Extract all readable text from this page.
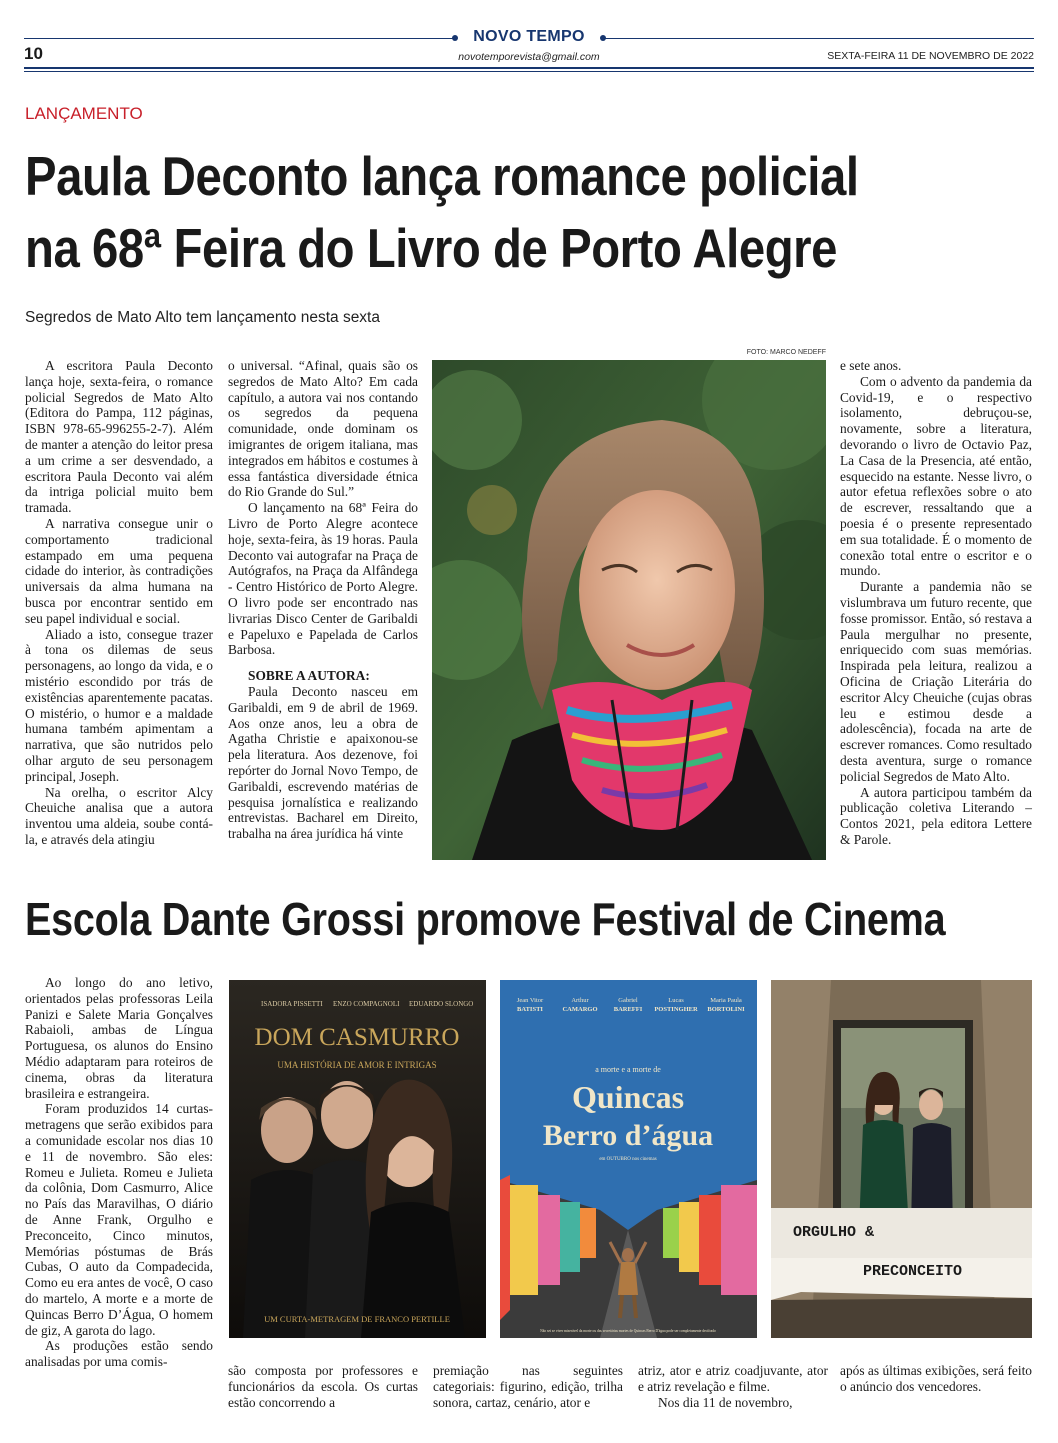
NOVO TEMPO
10	novotemporevista@gmail.com	SEXTA-FEIRA 11 DE NOVEMBRO DE 2022
LANÇAMENTO
Paula Deconto lança romance policial
na 68ª Feira do Livro de Porto Alegre
Segredos de Mato Alto tem lançamento nesta sexta

A escritora Paula Deconto lança hoje, sexta-feira, o romance policial Segredos de Mato Alto (Editora do Pampa, 112 páginas, ISBN 978-65-996255-2-7). Além de manter a atenção do leitor presa a um crime a ser desvendado, a escritora Paula Deconto vai além da intriga policial muito bem tramada.

A narrativa consegue unir o comportamento tradicional estampado em uma pequena cidade do interior, às contradições universais da alma humana na busca por encontrar sentido em seu papel individual e social.

Aliado a isto, consegue trazer à tona os dilemas de seus personagens, ao longo da vida, e o mistério escondido por trás de existências aparentemente pacatas. O mistério, o humor e a maldade humana também apimentam a narrativa, que são nutridos pelo olhar arguto de seu personagem principal, Joseph.

Na orelha, o escritor Alcy Cheuiche analisa que a autora inventou uma aldeia, soube contá-la, e através dela atingiu

o universal. “Afinal, quais são os segredos de Mato Alto? Em cada capítulo, a autora vai nos contando os segredos da pequena comunidade, onde dominam os imigrantes de origem italiana, mas integrados em hábitos e costumes à essa fantástica diversidade étnica do Rio Grande do Sul.”

O lançamento na 68ª Feira do Livro de Porto Alegre acontece hoje, sexta-feira, às 19 horas. Paula Deconto vai autografar na Praça de Autógrafos, na Praça da Alfândega - Centro Histórico de Porto Alegre. O livro pode ser encontrado nas livrarias Disco Center de Garibaldi e Papeluxo e Papelada de Carlos Barbosa.

SOBRE A AUTORA:

Paula Deconto nasceu em Garibaldi, em 9 de abril de 1969. Aos onze anos, leu a obra de Agatha Christie e apaixonou-se pela literatura. Aos dezenove, foi repórter do Jornal Novo Tempo, de Garibaldi, escrevendo matérias de pesquisa jornalística e realizando entrevistas. Bacharel em Direito, trabalha na área jurídica há vinte

FOTO: MARCO NEDEFF

e sete anos.

Com o advento da pandemia da Covid-19, e o respectivo isolamento, debruçou-se, novamente, sobre a literatura, devorando o livro de Octavio Paz, La Casa de la Presencia, até então, esquecido na estante. Nesse livro, o autor efetua reflexões sobre o ato de escrever, ressaltando que a poesia é o presente representado em sua totalidade. É o momento de conexão total entre o escritor e o mundo.

Durante a pandemia não se vislumbrava um futuro recente, que fosse promissor. Então, só restava a Paula mergulhar no presente, enriquecido com suas memórias. Inspirada pela leitura, realizou a Oficina de Criação Literária do escritor Alcy Cheuiche (cujas obras leu e estimou desde a adolescência), focada na arte de escrever romances. Como resultado desta aventura, surge o romance policial Segredos de Mato Alto.

A autora participou também da publicação coletiva Literando – Contos 2021, pela editora Lettere & Parole.

Escola Dante Grossi promove Festival de Cinema

Ao longo do ano letivo, orientados pelas professoras Leila Panizi e Salete Maria Gonçalves Rabaioli, ambas de Língua Portuguesa, os alunos do Ensino Médio adaptaram para roteiros de cinema, obras da literatura brasileira e estrangeira.

Foram produzidos 14 curtas-metragens que serão exibidos para a comunidade escolar nos dias 10 e 11 de novembro. São eles: Romeu e Julieta. Romeu e Julieta da colônia, Dom Casmurro, Alice no País das Maravilhas, O diário de Anne Frank, Orgulho e Preconceito, Cinco minutos, Memórias póstumas de Brás Cubas, O auto da Compadecida, Como eu era antes de você, O caso do martelo, A morte e a morte de Quincas Berro D’Água, O homem de giz, A garota do lago.

As produções estão sendo analisadas por uma comis-

ISADORA PISSETTI ENZO COMPAGNOLI EDUARDO SLONGO
DOM CASMURRO
UMA HISTÓRIA DE AMOR E INTRIGAS
UM CURTA-METRAGEM DE FRANCO PERTILLE
Jean Vitor
BATISTI
Arthur
CAMARGO
Gabriel
BAREFFI
Lucas
POSTINGHER
Maria Paula
BORTOLINI
a morte e a morte de
Quincas
Berro d’água
em OUTUBRO nos cinemas
Não sei se viver miserável da morte ou das secretárias mortes de Quincas Berro D'água pode ser completamente decifrado
ORGULHO &
PRECONCEITO

são composta por professores e funcionários da escola. Os curtas estão concorrendo a

premiação nas seguintes categoriais: figurino, edição, trilha sonora, cartaz, cenário, ator e

atriz, ator e atriz coadjuvante, ator e atriz revelação e filme.

Nos dia 11 de novembro,

após as últimas exibições, será feito o anúncio dos vencedores.
